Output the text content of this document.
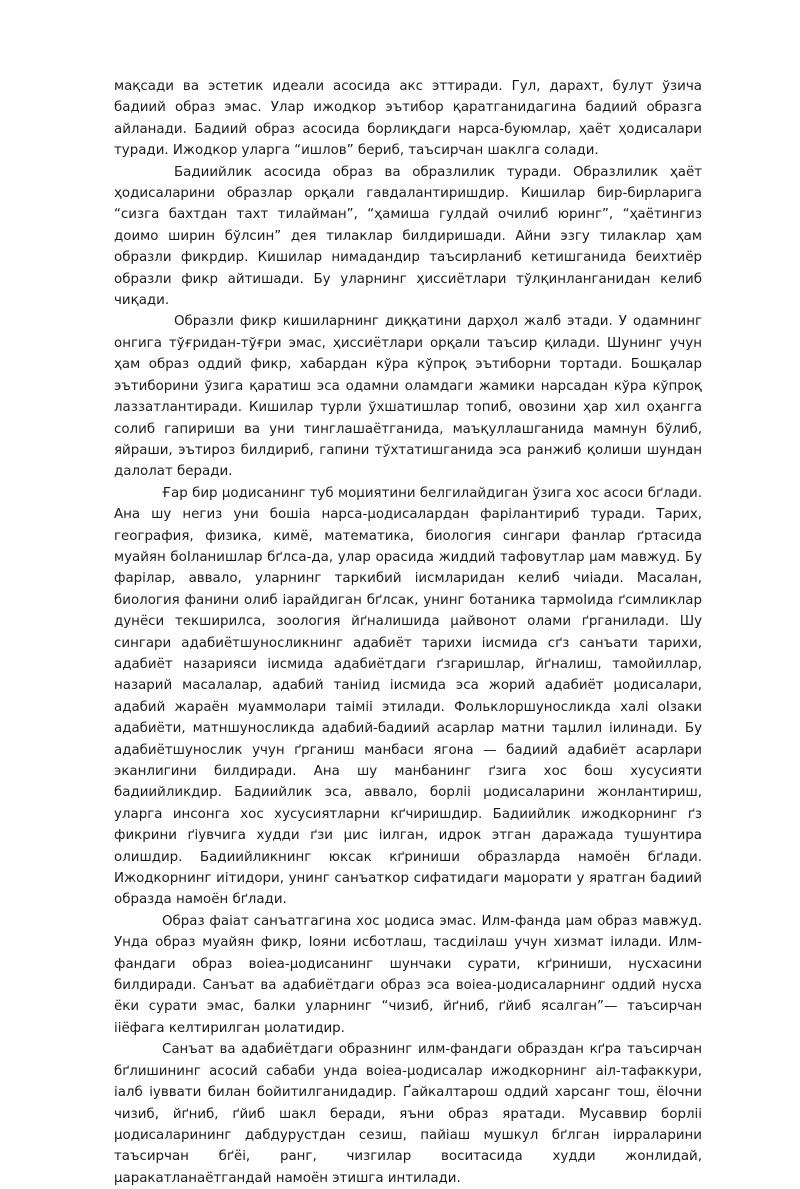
мақсади ва эстетик идеали асосида акс эттиради. Гул, дарахт, булут ўзича бадиий образ эмас. Улар ижодкор эътибор қаратганидагина бадиий образга айланади. Бадиий образ асосида борлиқдаги нарса-буюмлар, ҳаёт ҳодисалари туради. Ижодкор уларга “ишлов” бериб, таъсирчан шаклга солади.

Бадиийлик асосида образ ва образлилик туради. Образлилик ҳаёт ҳодисаларини образлар орқали гавдалантиришдир. Кишилар бир-бирларига “сизга бахтдан тахт тилайман”, “ҳамиша гулдай очилиб юринг”, “ҳаётингиз доимо ширин бўлсин” дея тилаклар билдиришади. Айни эзгу тилаклар ҳам образли фикрдир. Кишилар нимадандир таъсирланиб кетишганида беихтиёр образли фикр айтишади. Бу уларнинг ҳиссиётлари тўлқинланганидан келиб чиқади.

Образли фикр кишиларнинг диққатини дарҳол жалб этади. У одамнинг онгига тўғридан-тўғри эмас, ҳиссиётлари орқали таъсир қилади. Шунинг учун ҳам образ оддий фикр, хабардан кўра кўпроқ эътиборни тортади. Бошқалар эътиборини ўзига қаратиш эса одамни оламдаги жамики нарсадан кўра кўпроқ лаззатлантиради. Кишилар турли ўхшатишлар топиб, овозини ҳар хил оҳангга солиб гапириши ва уни тинглашаётганида, маъқуллашганида мамнун бўлиб, яйраши, эътироз билдириб, гапини тўхтатишганида эса ранжиб қолиши шундан далолат беради.

Ғар бир µодисанинг туб моµиятини белгилайдиган ўзига хос асоси бґлади. Ана шу негиз уни бошіа нарса-µодисалардан фарілантириб туради. Тарих, география, физика, кимё, математика, биология сингари фанлар ґртасида муайян боІланишлар бґлса-да, улар орасида жиддий тафовутлар µам мавжуд. Бу фарілар, аввало, уларнинг таркибий іисмларидан келиб чиіади. Масалан, биология фанини олиб іарайдиган бґлсак, унинг ботаника тармоІида ґсимликлар дунёси текширилса, зоология йґналишида µайвонот олами ґрганилади. Шу сингари адабиётшуносликнинг адабиёт тарихи іисмида сґз санъати тарихи, адабиёт назарияси іисмида адабиётдаги ґзгаришлар, йґналиш, тамойиллар, назарий масалалар, адабий таніид іисмида эса жорий адабиёт µодисалари, адабий жараён муаммолари таіміі этилади. Фольклоршуносликда халі оІзаки адабиёти, матншуносликда адабий-бадиий асарлар матни таµлил іилинади. Бу адабиётшунослик учун ґрганиш манбаси ягона — бадиий адабиёт асарлари эканлигини билдиради. Ана шу манбанинг ґзига хос бош хусусияти бадиийликдир. Бадиийлик эса, аввало, борліі µодисаларини жонлантириш, уларга инсонга хос хусусиятларни кґчиришдир. Бадиийлик ижодкорнинг ґз фикрини ґіувчига худди ґзи µис іилган, идрок этган даражада тушунтира олишдир. Бадиийликнинг юксак кґриниши образларда намоён бґлади. Ижодкорнинг иітидори, унинг санъаткор сифатидаги маµорати у яратган бадиий образда намоён бґлади.

Образ фаіат санъатгагина хос µодиса эмас. Илм-фанда µам образ мавжуд. Унда образ муайян фикр, Іояни исботлаш, тасдиілаш учун хизмат іилади. Илм-фандаги образ воіеа-µодисанинг шунчаки сурати, кґриниши, нусхасини билдиради. Санъат ва адабиётдаги образ эса воіеа-µодисаларнинг оддий нусха ёки сурати эмас, балки уларнинг “чизиб, йґниб, ґйиб ясалган”— таъсирчан ііёфага келтирилган µолатидир.

Санъат ва адабиётдаги образнинг илм-фандаги образдан кґра таъсирчан бґлишининг асосий сабаби унда воіеа-µодисалар ижодкорнинг аіл-тафаккури, іалб іуввати билан бойитилганидадир. Ґайкалтарош оддий харсанг тош, ёІочни чизиб, йґниб, ґйиб шакл беради, яъни образ яратади. Мусаввир борліі µодисаларининг дабдурустдан сезиш, пайіаш мушкул бґлган іирраларини таъсирчан бґёі, ранг, чизгилар воситасида худди жонлидай, µаракатланаётгандай намоён этишга интилади.
